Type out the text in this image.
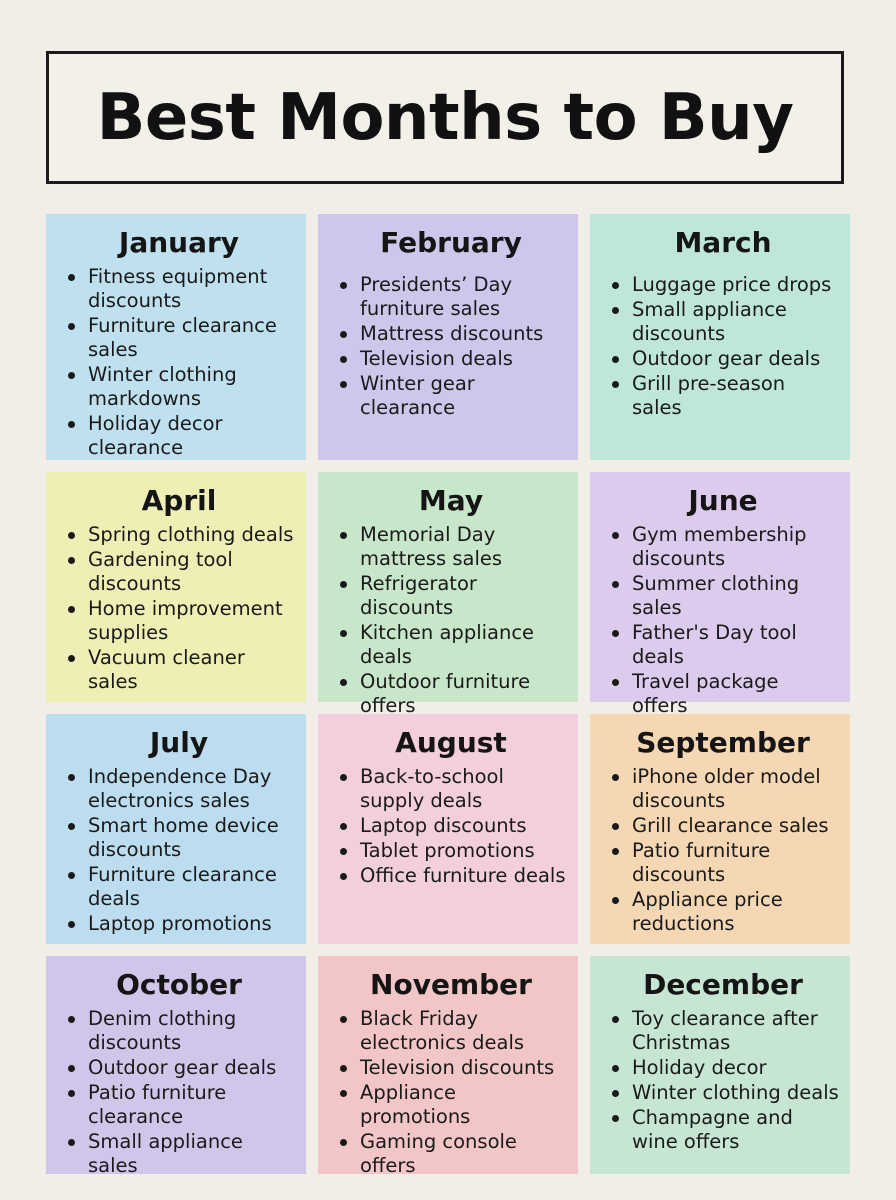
Best Months to Buy
January
Fitness equipment discounts
Furniture clearance sales
Winter clothing markdowns
Holiday decor clearance
February
Presidents’ Day furniture sales
Mattress discounts
Television deals
Winter gear clearance
March
Luggage price drops
Small appliance discounts
Outdoor gear deals
Grill pre-season sales
April
Spring clothing deals
Gardening tool discounts
Home improvement supplies
Vacuum cleaner sales
May
Memorial Day mattress sales
Refrigerator discounts
Kitchen appliance deals
Outdoor furniture offers
June
Gym membership discounts
Summer clothing sales
Father's Day tool deals
Travel package offers
July
Independence Day electronics sales
Smart home device discounts
Furniture clearance deals
Laptop promotions
August
Back-to-school supply deals
Laptop discounts
Tablet promotions
Office furniture deals
September
iPhone older model discounts
Grill clearance sales
Patio furniture discounts
Appliance price reductions
October
Denim clothing discounts
Outdoor gear deals
Patio furniture clearance
Small appliance sales
November
Black Friday electronics deals
Television discounts
Appliance promotions
Gaming console offers
December
Toy clearance after Christmas
Holiday decor
Winter clothing deals
Champagne and wine offers
